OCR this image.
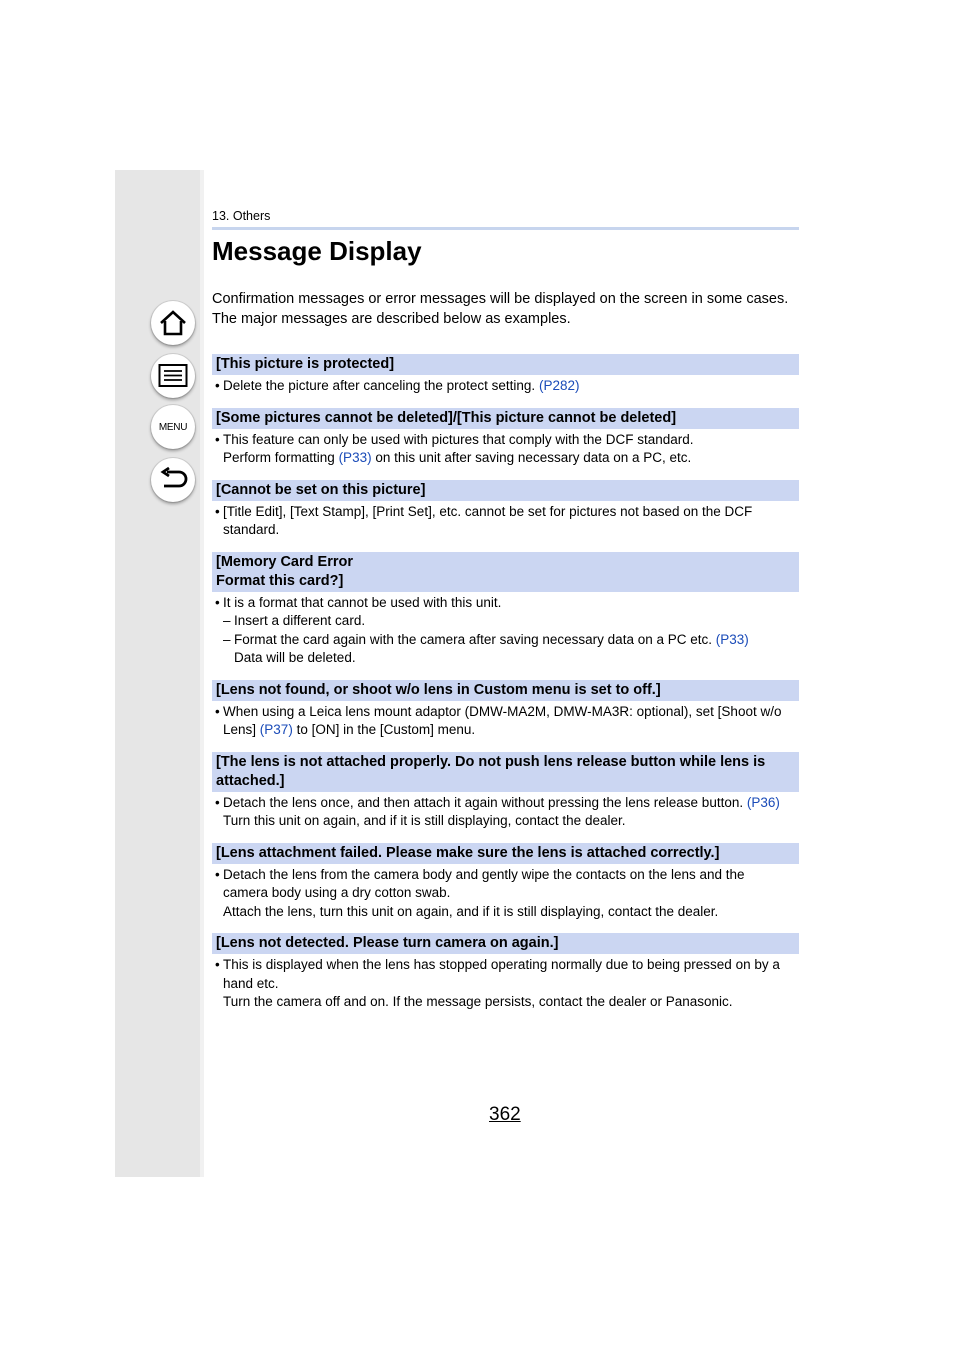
MENU
13. Others
Message Display
Confirmation messages or error messages will be displayed on the screen in some cases.
The major messages are described below as examples.
[This picture is protected]
• Delete the picture after canceling the protect setting. (P282)
[Some pictures cannot be deleted]/[This picture cannot be deleted]
• This feature can only be used with pictures that comply with the DCF standard.
Perform formatting (P33) on this unit after saving necessary data on a PC, etc.
[Cannot be set on this picture]
• [Title Edit], [Text Stamp], [Print Set], etc. cannot be set for pictures not based on the DCF
standard.
[Memory Card Error
Format this card?]
• It is a format that cannot be used with this unit.
– Insert a different card.
– Format the card again with the camera after saving necessary data on a PC etc. (P33)
Data will be deleted.
[Lens not found, or shoot w/o lens in Custom menu is set to off.]
• When using a Leica lens mount adaptor (DMW-MA2M, DMW-MA3R: optional), set [Shoot w/o
Lens] (P37) to [ON] in the [Custom] menu.
[The lens is not attached properly. Do not push lens release button while lens is
attached.]
• Detach the lens once, and then attach it again without pressing the lens release button. (P36)
Turn this unit on again, and if it is still displaying, contact the dealer.
[Lens attachment failed. Please make sure the lens is attached correctly.]
• Detach the lens from the camera body and gently wipe the contacts on the lens and the
camera body using a dry cotton swab.
Attach the lens, turn this unit on again, and if it is still displaying, contact the dealer.
[Lens not detected. Please turn camera on again.]
• This is displayed when the lens has stopped operating normally due to being pressed on by a
hand etc.
Turn the camera off and on. If the message persists, contact the dealer or Panasonic.
362
